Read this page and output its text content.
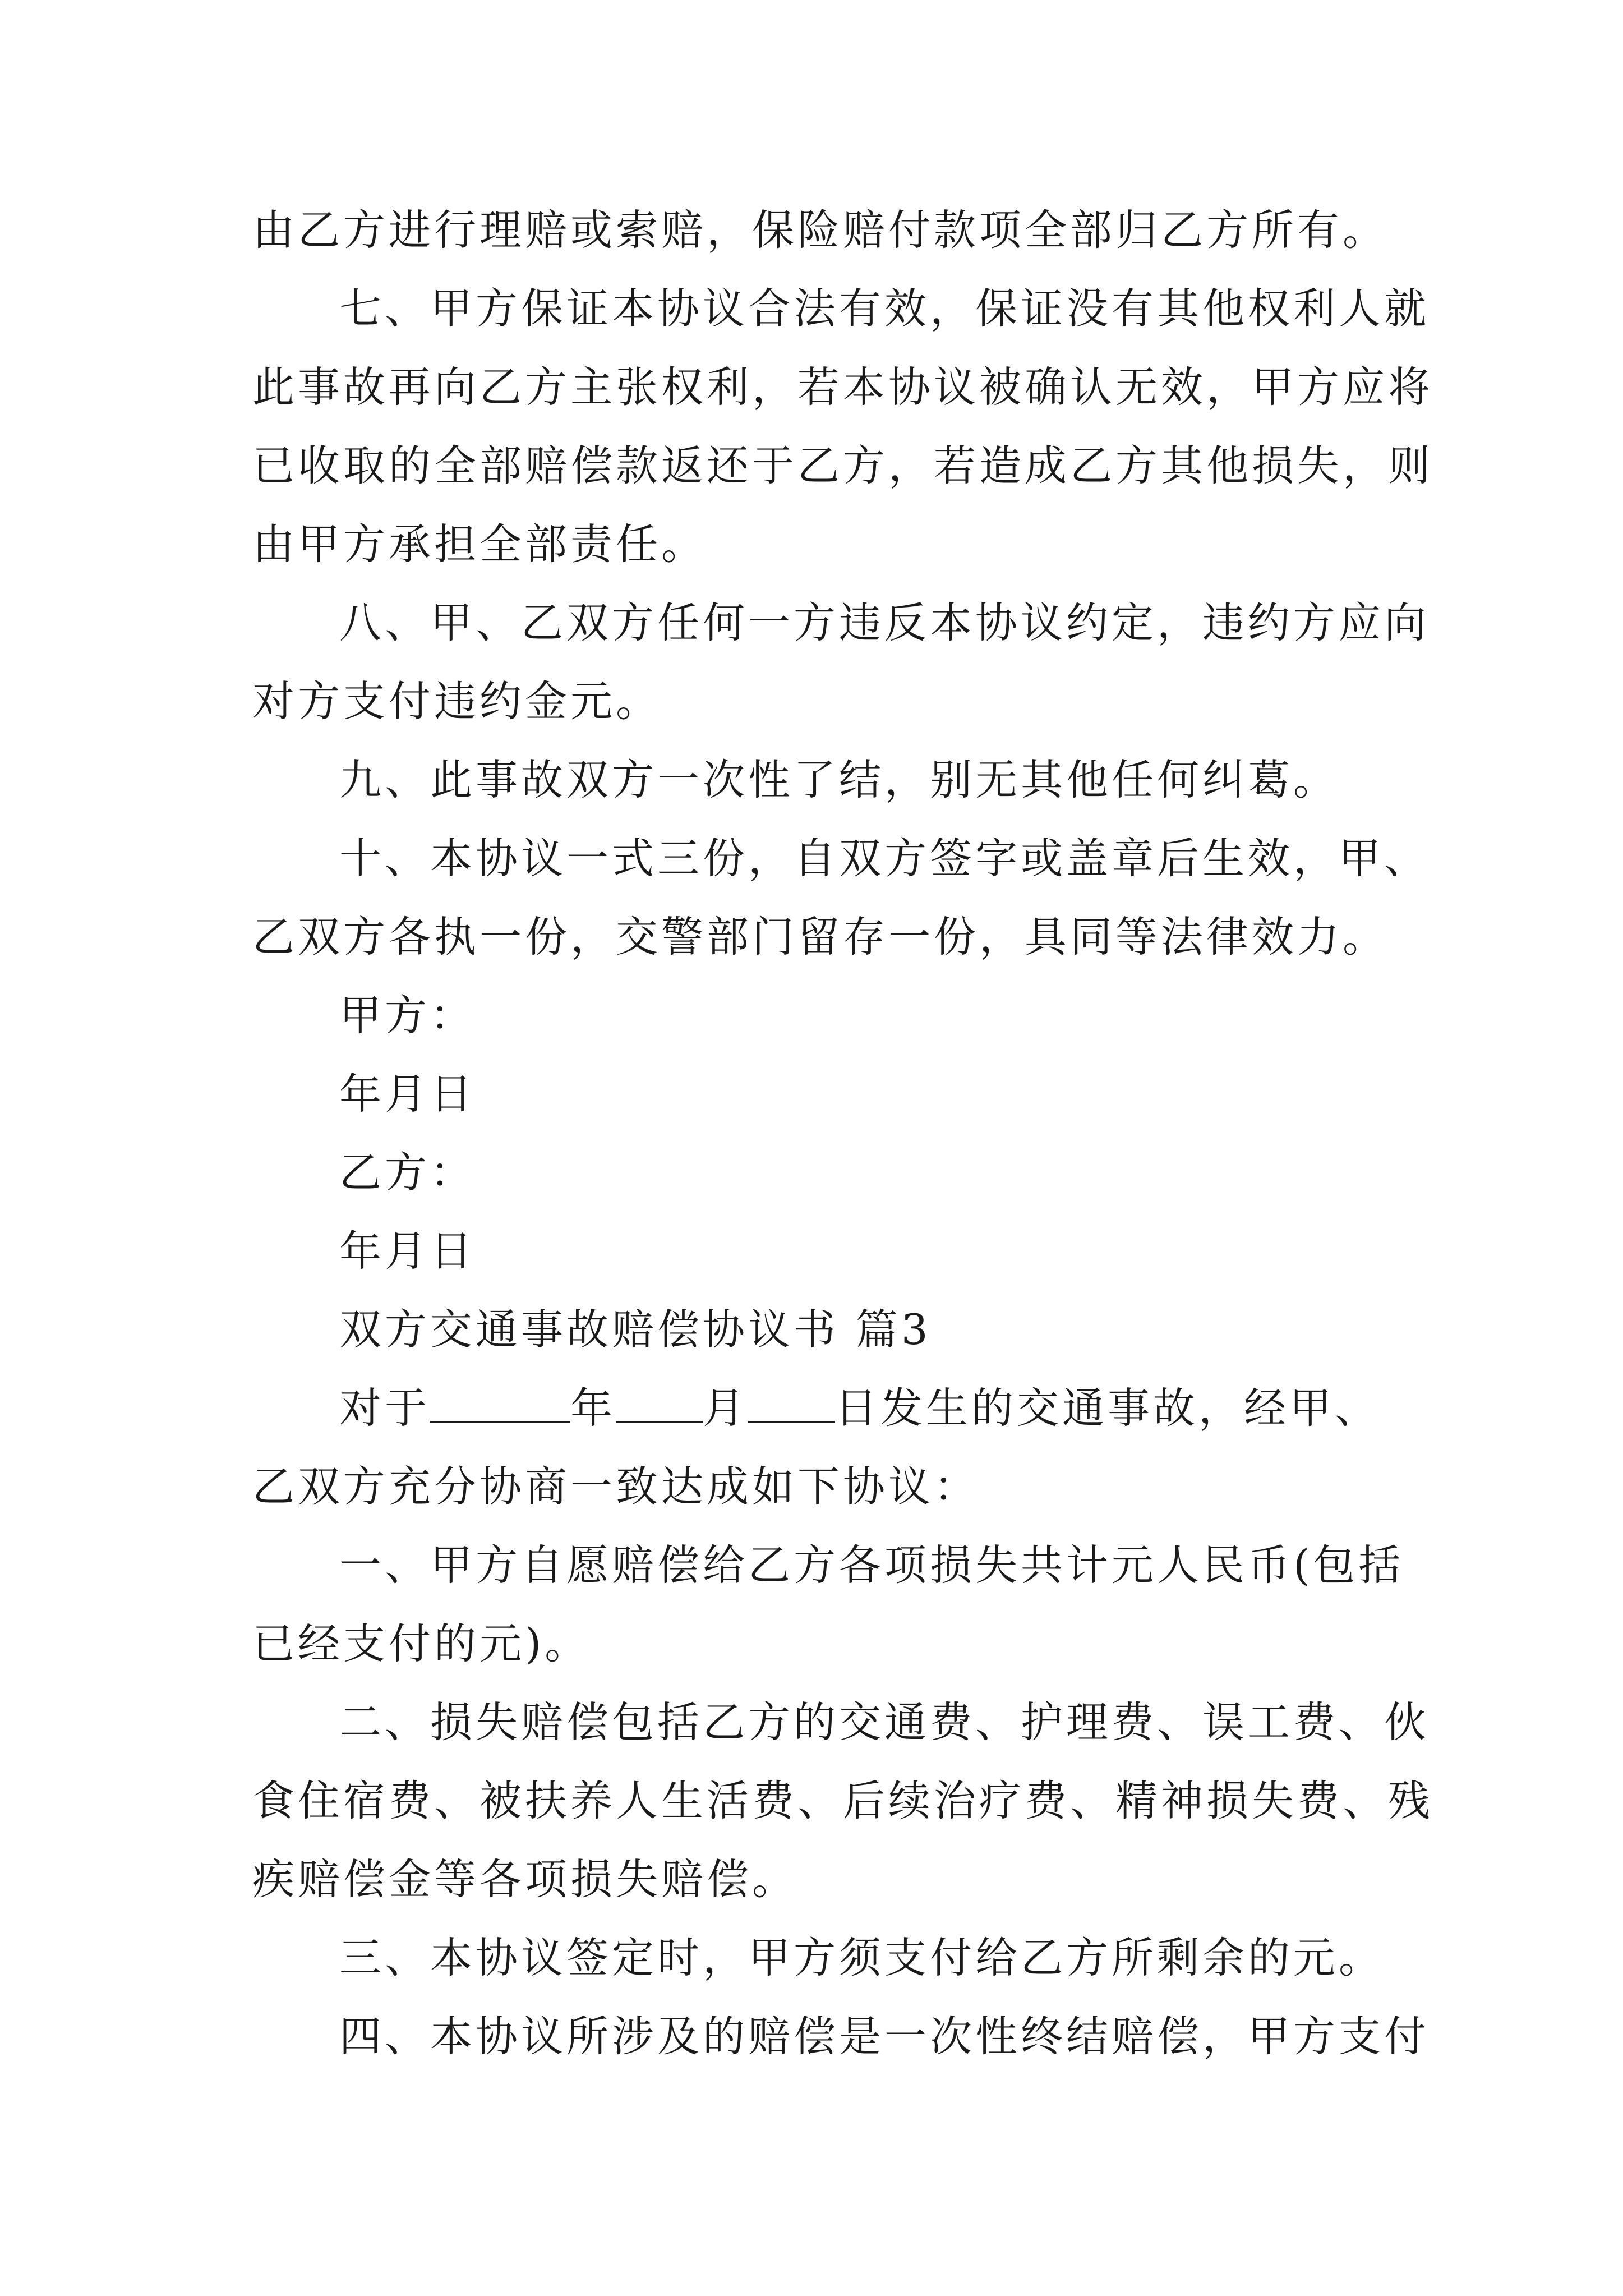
由乙方进行理赔或索赔，保险赔付款项全部归乙方所有。
七、甲方保证本协议合法有效，保证没有其他权利人就
此事故再向乙方主张权利，若本协议被确认无效，甲方应将
已收取的全部赔偿款返还于乙方，若造成乙方其他损失，则
由甲方承担全部责任。
八、甲、乙双方任何一方违反本协议约定，违约方应向
对方支付违约金元。
九、此事故双方一次性了结，别无其他任何纠葛。
十、本协议一式三份，自双方签字或盖章后生效，甲、
乙双方各执一份，交警部门留存一份，具同等法律效力。
甲方：
年月日
乙方：
年月日
双方交通事故赔偿协议书 篇3
对于	年 月 日发生的交通事故，经甲、
乙双方充分协商一致达成如下协议：
一、甲方自愿赔偿给乙方各项损失共计元人民币(包括
已经支付的元)。
二、损失赔偿包括乙方的交通费、护理费、误工费、伙
食住宿费、被扶养人生活费、后续治疗费、精神损失费、残
疾赔偿金等各项损失赔偿。
三、本协议签定时，甲方须支付给乙方所剩余的元。
四、本协议所涉及的赔偿是一次性终结赔偿，甲方支付
